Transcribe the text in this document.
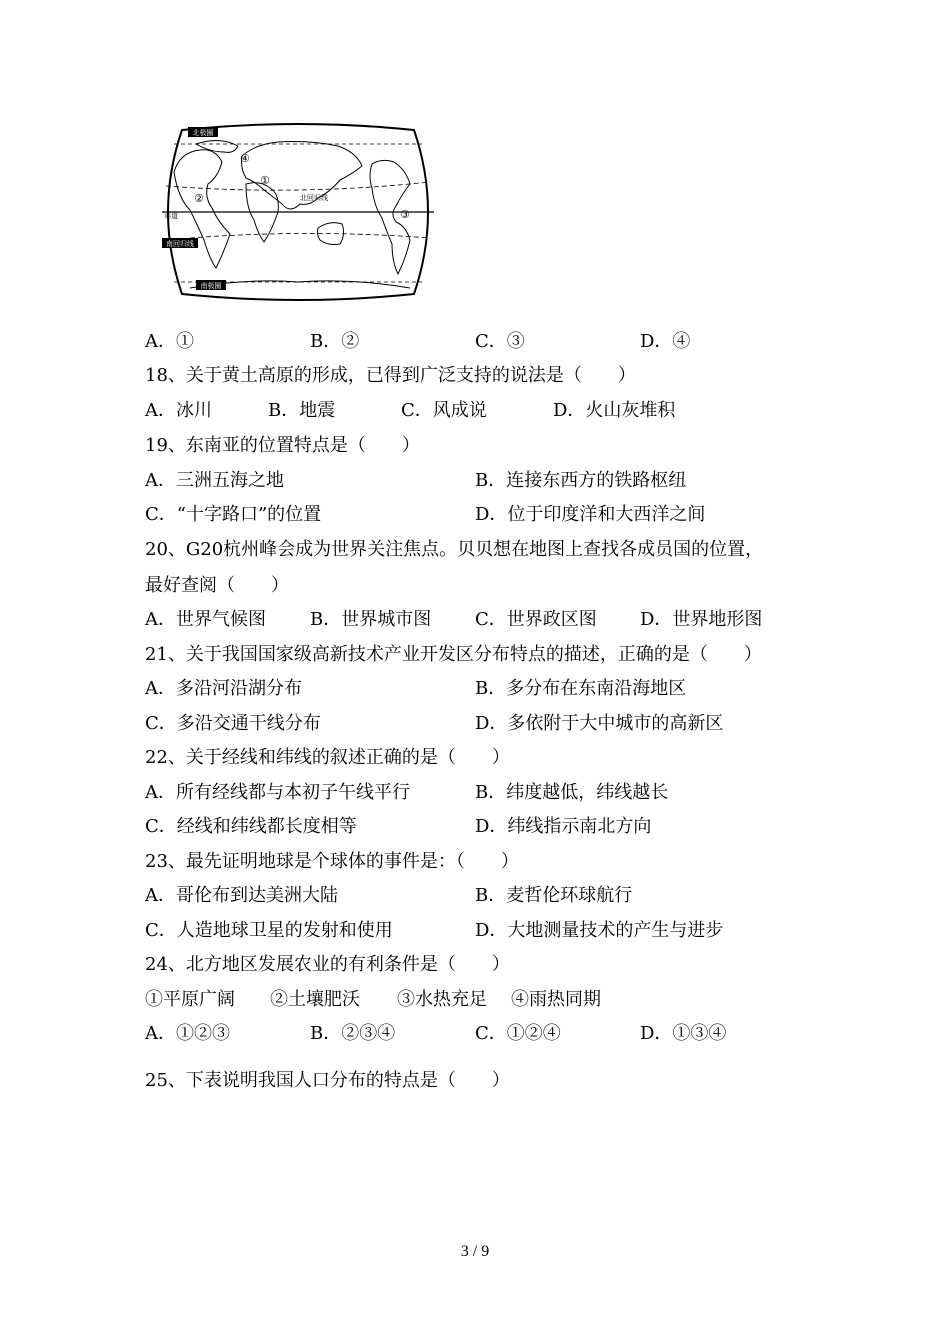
北极圈
赤道
北回归线
南回归线
南极圈
①
②
③
④
A．①	B．②	C．③	D．④
18、关于黄土高原的形成，已得到广泛支持的说法是（　　）
A．冰川	B．地震	C．风成说	D．火山灰堆积
19、东南亚的位置特点是（　　）
A．三洲五海之地	B．连接东西方的铁路枢纽
C．“十字路口”的位置	D．位于印度洋和大西洋之间
20、G20杭州峰会成为世界关注焦点。贝贝想在地图上查找各成员国的位置，
最好查阅（　　）
A．世界气候图 B．世界城市图 C．世界政区图 D．世界地形图
21、关于我国国家级高新技术产业开发区分布特点的描述，正确的是（　　）
A．多沿河沿湖分布	B．多分布在东南沿海地区
C．多沿交通干线分布	D．多依附于大中城市的高新区
22、关于经线和纬线的叙述正确的是（　　）
A．所有经线都与本初子午线平行	B．纬度越低，纬线越长
C．经线和纬线都长度相等	D．纬线指示南北方向
23、最先证明地球是个球体的事件是：（　　）
A．哥伦布到达美洲大陆	B．麦哲伦环球航行
C．人造地球卫星的发射和使用	D．大地测量技术的产生与进步
24、北方地区发展农业的有利条件是（　　）
①平原广阔 ②土壤肥沃 ③水热充足 ④雨热同期
A．①②③	B．②③④	C．①②④	D．①③④
25、下表说明我国人口分布的特点是（　　）
3 / 9
